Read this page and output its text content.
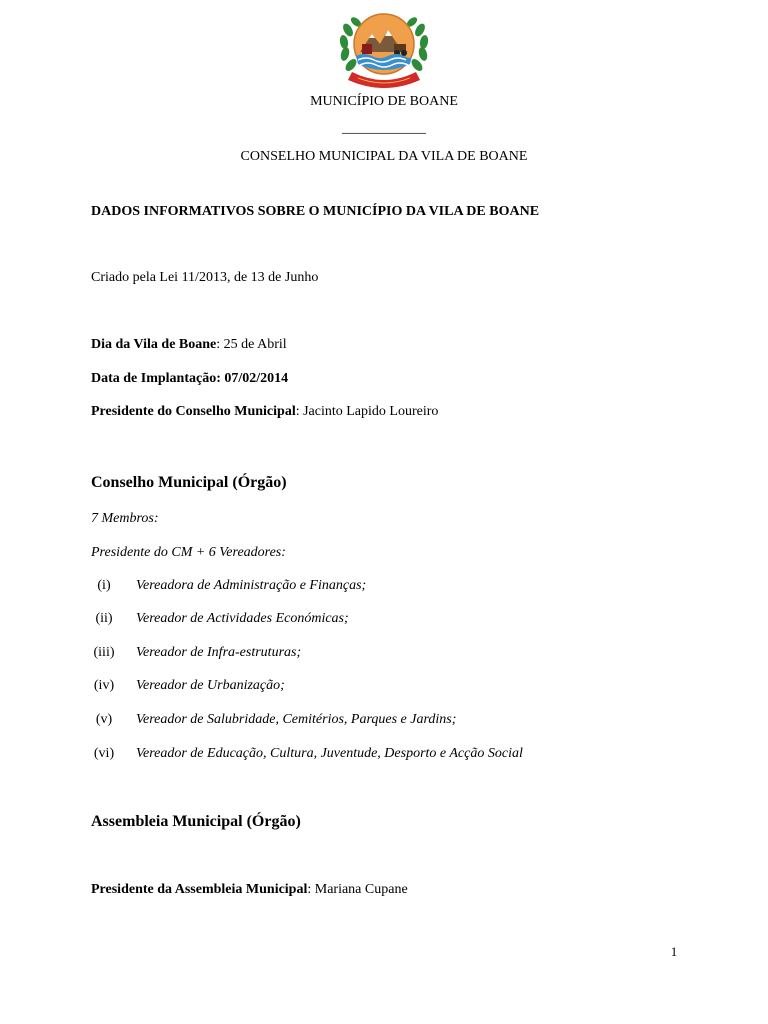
MUNICÍPIO DE BOANE
____________
CONSELHO MUNICIPAL DA VILA DE BOANE
DADOS INFORMATIVOS SOBRE O MUNICÍPIO DA VILA DE BOANE
Criado pela Lei 11/2013, de 13 de Junho
Dia da Vila de Boane: 25 de Abril
Data de Implantação: 07/02/2014
Presidente do Conselho Municipal: Jacinto Lapido Loureiro
Conselho Municipal (Órgão)
7 Membros:
Presidente do CM + 6 Vereadores:
(i)	Vereadora de Administração e Finanças;
(ii)	Vereador de Actividades Económicas;
(iii) Vereador de Infra-estruturas;
(iv) Vereador de Urbanização;
(v)	Vereador de Salubridade, Cemitérios, Parques e Jardins;
(vi) Vereador de Educação, Cultura, Juventude, Desporto e Acção Social
Assembleia Municipal (Órgão)
Presidente da Assembleia Municipal: Mariana Cupane
1
